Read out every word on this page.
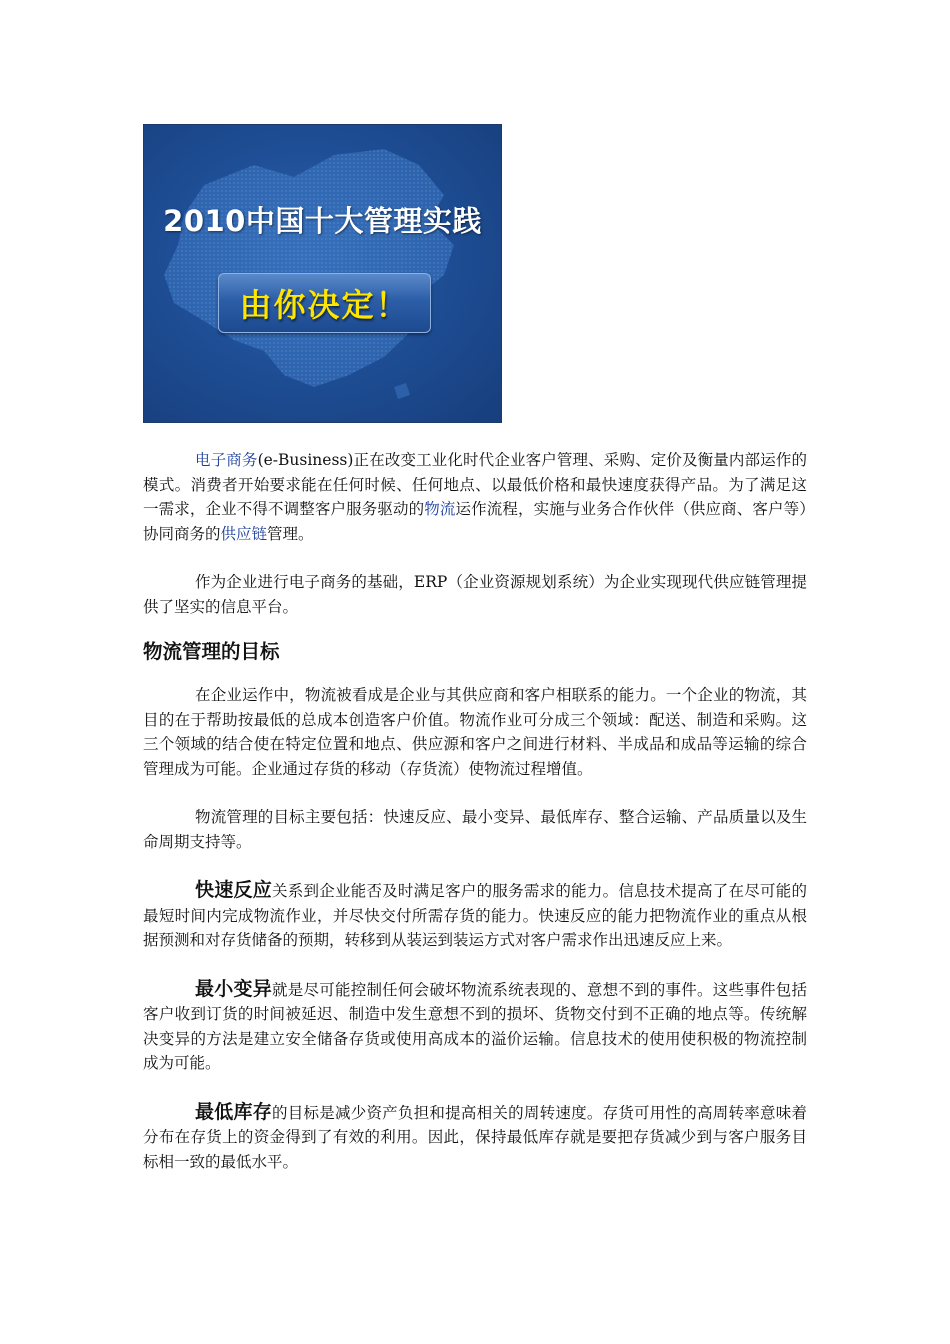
2010中国十大管理实践
由你决定！

电子商务(e-Business)正在改变工业化时代企业客户管理、采购、定价及衡量内部运作的模式。消费者开始要求能在任何时候、任何地点、以最低价格和最快速度获得产品。为了满足这一需求，企业不得不调整客户服务驱动的物流运作流程，实施与业务合作伙伴（供应商、客户等）协同商务的供应链管理。

作为企业进行电子商务的基础，ERP（企业资源规划系统）为企业实现现代供应链管理提供了坚实的信息平台。

物流管理的目标

在企业运作中，物流被看成是企业与其供应商和客户相联系的能力。一个企业的物流，其目的在于帮助按最低的总成本创造客户价值。物流作业可分成三个领域：配送、制造和采购。这三个领域的结合使在特定位置和地点、供应源和客户之间进行材料、半成品和成品等运输的综合管理成为可能。企业通过存货的移动（存货流）使物流过程增值。

物流管理的目标主要包括：快速反应、最小变异、最低库存、整合运输、产品质量以及生命周期支持等。

快速反应关系到企业能否及时满足客户的服务需求的能力。信息技术提高了在尽可能的最短时间内完成物流作业，并尽快交付所需存货的能力。快速反应的能力把物流作业的重点从根据预测和对存货储备的预期，转移到从装运到装运方式对客户需求作出迅速反应上来。

最小变异就是尽可能控制任何会破坏物流系统表现的、意想不到的事件。这些事件包括客户收到订货的时间被延迟、制造中发生意想不到的损坏、货物交付到不正确的地点等。传统解决变异的方法是建立安全储备存货或使用高成本的溢价运输。信息技术的使用使积极的物流控制成为可能。

最低库存的目标是减少资产负担和提高相关的周转速度。存货可用性的高周转率意味着分布在存货上的资金得到了有效的利用。因此，保持最低库存就是要把存货减少到与客户服务目标相一致的最低水平。
